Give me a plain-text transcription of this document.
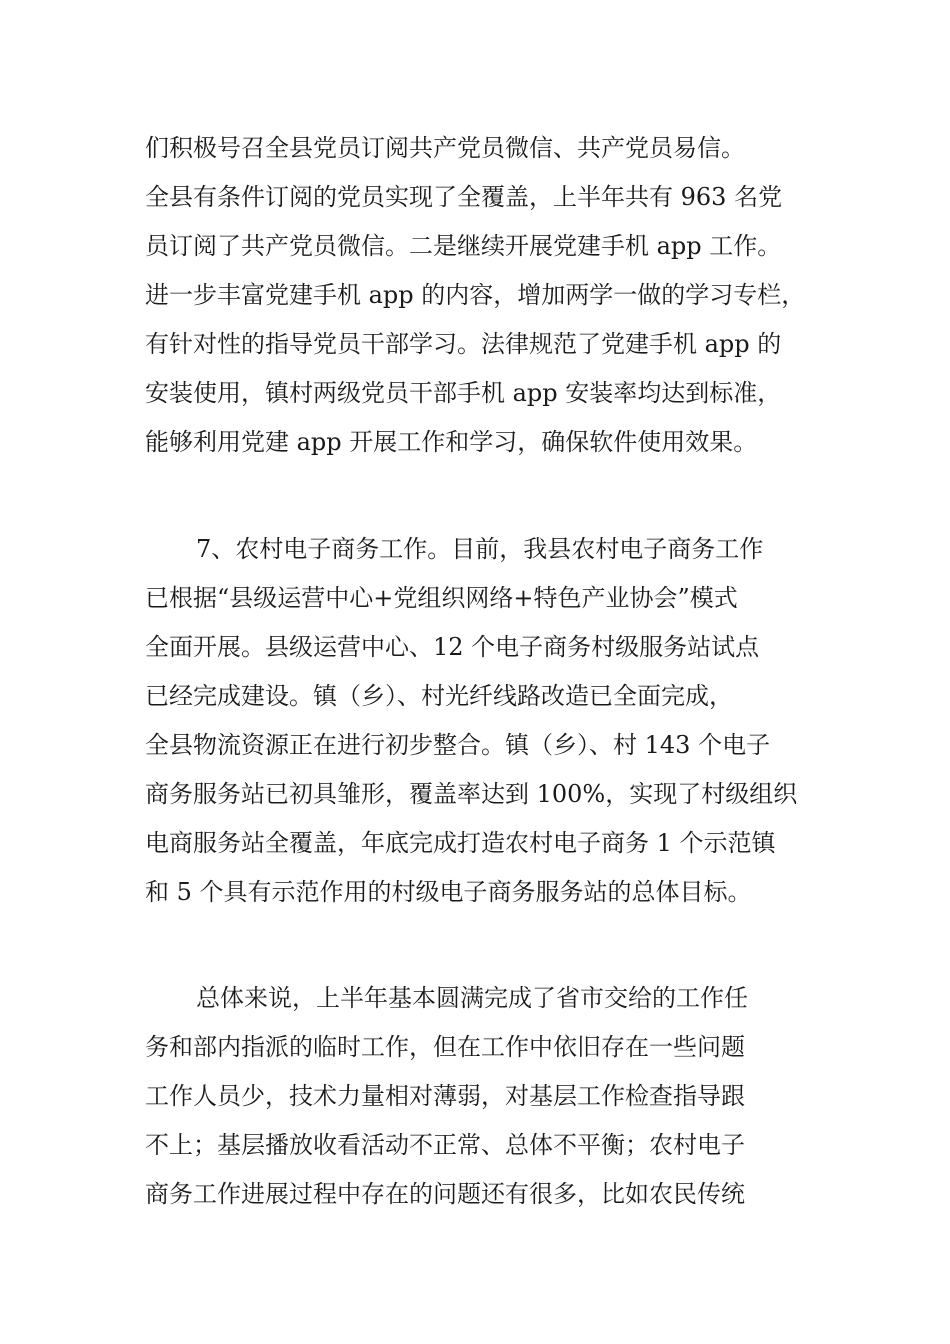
们积极号召全县党员订阅共产党员微信、共产党员易信。
全县有条件订阅的党员实现了全覆盖，上半年共有 963 名党
员订阅了共产党员微信。二是继续开展党建手机 app 工作。
进一步丰富党建手机 app 的内容，增加两学一做的学习专栏，
有针对性的指导党员干部学习。法律规范了党建手机 app 的
安装使用，镇村两级党员干部手机 app 安装率均达到标准，
能够利用党建 app 开展工作和学习，确保软件使用效果。
7、农村电子商务工作。目前，我县农村电子商务工作
已根据“县级运营中心+党组织网络+特色产业协会”模式
全面开展。县级运营中心、12 个电子商务村级服务站试点
已经完成建设。镇（乡）、村光纤线路改造已全面完成，
全县物流资源正在进行初步整合。镇（乡）、村 143 个电子
商务服务站已初具雏形，覆盖率达到 100%，实现了村级组织
电商服务站全覆盖，年底完成打造农村电子商务 1 个示范镇
和 5 个具有示范作用的村级电子商务服务站的总体目标。
总体来说，上半年基本圆满完成了省市交给的工作任
务和部内指派的临时工作，但在工作中依旧存在一些问题
工作人员少，技术力量相对薄弱，对基层工作检查指导跟
不上；基层播放收看活动不正常、总体不平衡；农村电子
商务工作进展过程中存在的问题还有很多，比如农民传统
